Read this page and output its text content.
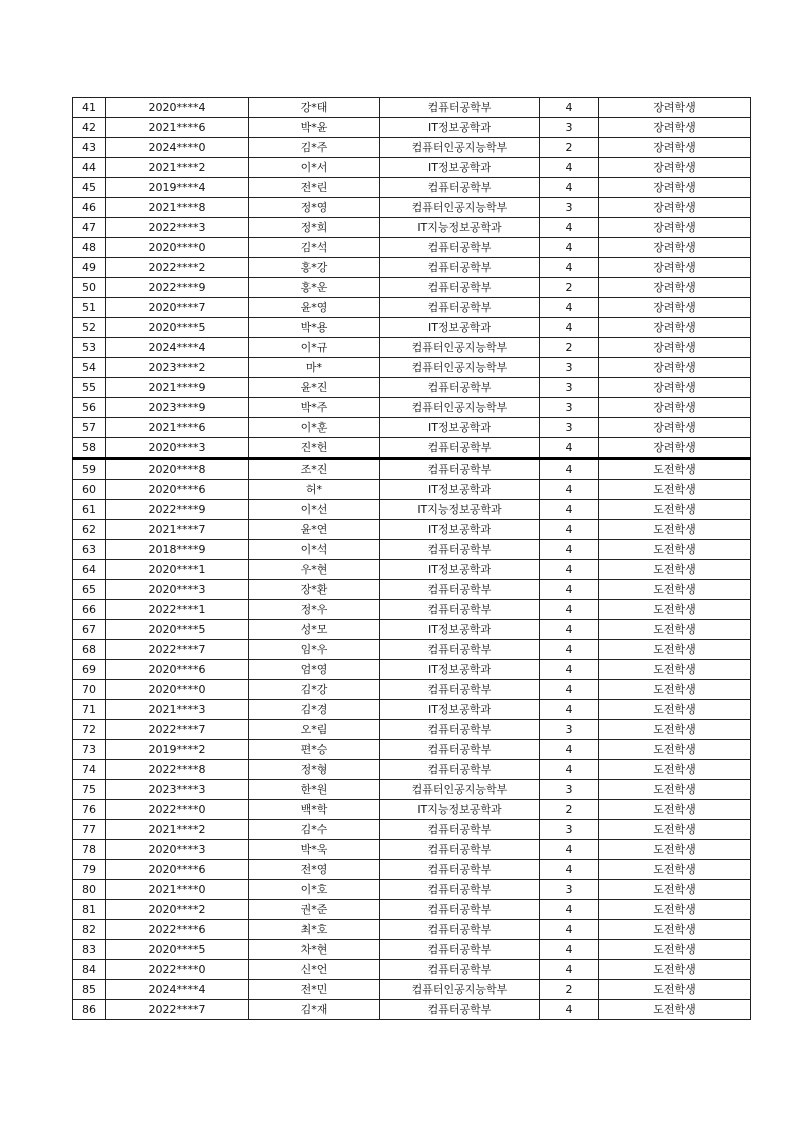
41	2020****4	강*태	컴퓨터공학부	4	장려학생
42	2021****6	박*윤	IT정보공학과	3	장려학생
43	2024****0	김*주	컴퓨터인공지능학부	2	장려학생
44	2021****2	이*서	IT정보공학과	4	장려학생
45	2019****4	전*린	컴퓨터공학부	4	장려학생
46	2021****8	정*영	컴퓨터인공지능학부	3	장려학생
47	2022****3	정*희	IT지능정보공학과	4	장려학생
48	2020****0	김*석	컴퓨터공학부	4	장려학생
49	2022****2	홍*강	컴퓨터공학부	4	장려학생
50	2022****9	홍*운	컴퓨터공학부	2	장려학생
51	2020****7	윤*영	컴퓨터공학부	4	장려학생
52	2020****5	박*용	IT정보공학과	4	장려학생
53	2024****4	이*규	컴퓨터인공지능학부	2	장려학생
54	2023****2	마*	컴퓨터인공지능학부	3	장려학생
55	2021****9	윤*진	컴퓨터공학부	3	장려학생
56	2023****9	박*주	컴퓨터인공지능학부	3	장려학생
57	2021****6	이*훈	IT정보공학과	3	장려학생
58	2020****3	진*헌	컴퓨터공학부	4	장려학생
59	2020****8	조*진	컴퓨터공학부	4	도전학생
60	2020****6	허*	IT정보공학과	4	도전학생
61	2022****9	이*선	IT지능정보공학과	4	도전학생
62	2021****7	윤*연	IT정보공학과	4	도전학생
63	2018****9	이*석	컴퓨터공학부	4	도전학생
64	2020****1	우*현	IT정보공학과	4	도전학생
65	2020****3	장*환	컴퓨터공학부	4	도전학생
66	2022****1	정*우	컴퓨터공학부	4	도전학생
67	2020****5	성*모	IT정보공학과	4	도전학생
68	2022****7	임*우	컴퓨터공학부	4	도전학생
69	2020****6	엄*영	IT정보공학과	4	도전학생
70	2020****0	김*강	컴퓨터공학부	4	도전학생
71	2021****3	김*경	IT정보공학과	4	도전학생
72	2022****7	오*림	컴퓨터공학부	3	도전학생
73	2019****2	편*승	컴퓨터공학부	4	도전학생
74	2022****8	정*형	컴퓨터공학부	4	도전학생
75	2023****3	한*원	컴퓨터인공지능학부	3	도전학생
76	2022****0	백*학	IT지능정보공학과	2	도전학생
77	2021****2	김*수	컴퓨터공학부	3	도전학생
78	2020****3	박*욱	컴퓨터공학부	4	도전학생
79	2020****6	전*영	컴퓨터공학부	4	도전학생
80	2021****0	이*호	컴퓨터공학부	3	도전학생
81	2020****2	권*준	컴퓨터공학부	4	도전학생
82	2022****6	최*호	컴퓨터공학부	4	도전학생
83	2020****5	차*현	컴퓨터공학부	4	도전학생
84	2022****0	신*언	컴퓨터공학부	4	도전학생
85	2024****4	전*민	컴퓨터인공지능학부	2	도전학생
86	2022****7	김*재	컴퓨터공학부	4	도전학생
